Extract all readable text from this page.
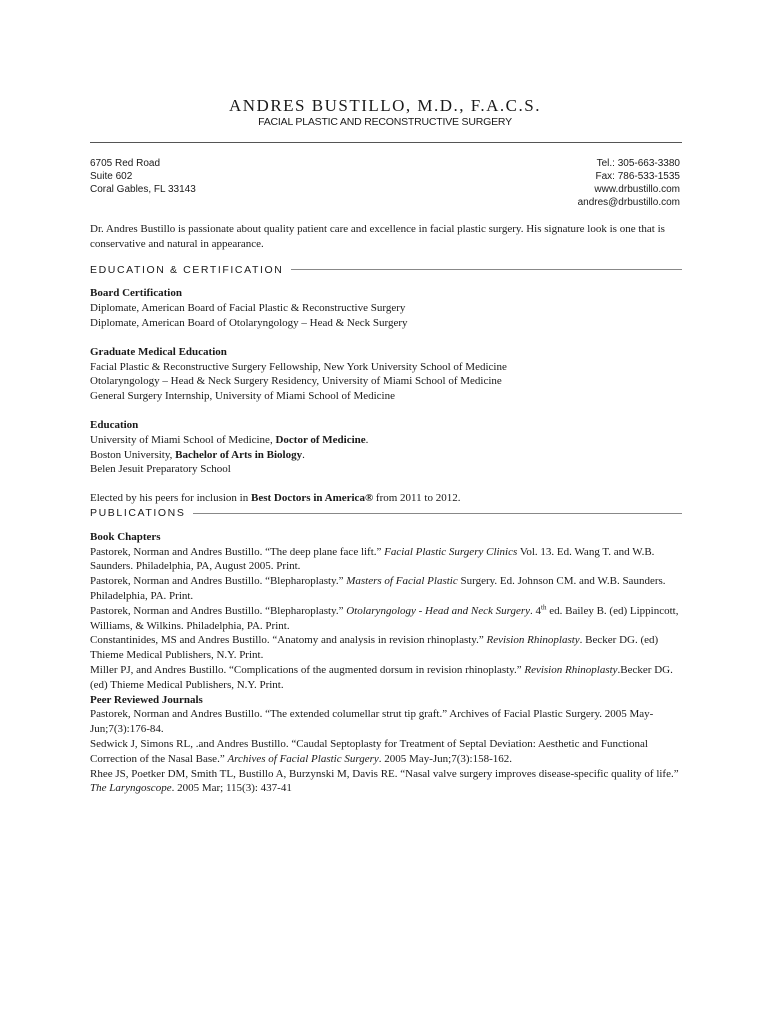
ANDRES BUSTILLO, M.D., F.A.C.S.
FACIAL PLASTIC AND RECONSTRUCTIVE SURGERY
6705 Red Road
Suite 602
Coral Gables, FL 33143
Tel.: 305-663-3380
Fax: 786-533-1535
www.drbustillo.com
andres@drbustillo.com

Dr. Andres Bustillo is passionate about quality patient care and excellence in facial plastic surgery. His signature look is one that is conservative and natural in appearance.

EDUCATION & CERTIFICATION

Board Certification

Diplomate, American Board of Facial Plastic & Reconstructive Surgery

Diplomate, American Board of Otolaryngology – Head & Neck Surgery

Graduate Medical Education

Facial Plastic & Reconstructive Surgery Fellowship, New York University School of Medicine

Otolaryngology – Head & Neck Surgery Residency, University of Miami School of Medicine

General Surgery Internship, University of Miami School of Medicine

Education

University of Miami School of Medicine, Doctor of Medicine.

Boston University, Bachelor of Arts in Biology.

Belen Jesuit Preparatory School

Elected by his peers for inclusion in Best Doctors in America® from 2011 to 2012.

PUBLICATIONS

Book Chapters

Pastorek, Norman and Andres Bustillo. “The deep plane face lift.” Facial Plastic Surgery Clinics Vol. 13. Ed. Wang T. and W.B. Saunders. Philadelphia, PA, August 2005. Print.

Pastorek, Norman and Andres Bustillo. “Blepharoplasty.” Masters of Facial Plastic Surgery. Ed. Johnson CM. and W.B. Saunders. Philadelphia, PA. Print.

Pastorek, Norman and Andres Bustillo. “Blepharoplasty.” Otolaryngology - Head and Neck Surgery. 4th ed. Bailey B. (ed) Lippincott, Williams, & Wilkins. Philadelphia, PA. Print.

Constantinides, MS and Andres Bustillo. “Anatomy and analysis in revision rhinoplasty.” Revision Rhinoplasty. Becker DG. (ed) Thieme Medical Publishers, N.Y. Print.

Miller PJ, and Andres Bustillo. “Complications of the augmented dorsum in revision rhinoplasty.” Revision Rhinoplasty.Becker DG. (ed) Thieme Medical Publishers, N.Y. Print.

Peer Reviewed Journals

Pastorek, Norman and Andres Bustillo. “The extended columellar strut tip graft.” Archives of Facial Plastic Surgery. 2005 May-Jun;7(3):176-84.

Sedwick J, Simons RL, .and Andres Bustillo. “Caudal Septoplasty for Treatment of Septal Deviation: Aesthetic and Functional Correction of the Nasal Base.” Archives of Facial Plastic Surgery. 2005 May-Jun;7(3):158-162.

Rhee JS, Poetker DM, Smith TL, Bustillo A, Burzynski M, Davis RE. “Nasal valve surgery improves disease-specific quality of life.” The Laryngoscope. 2005 Mar; 115(3): 437-41
